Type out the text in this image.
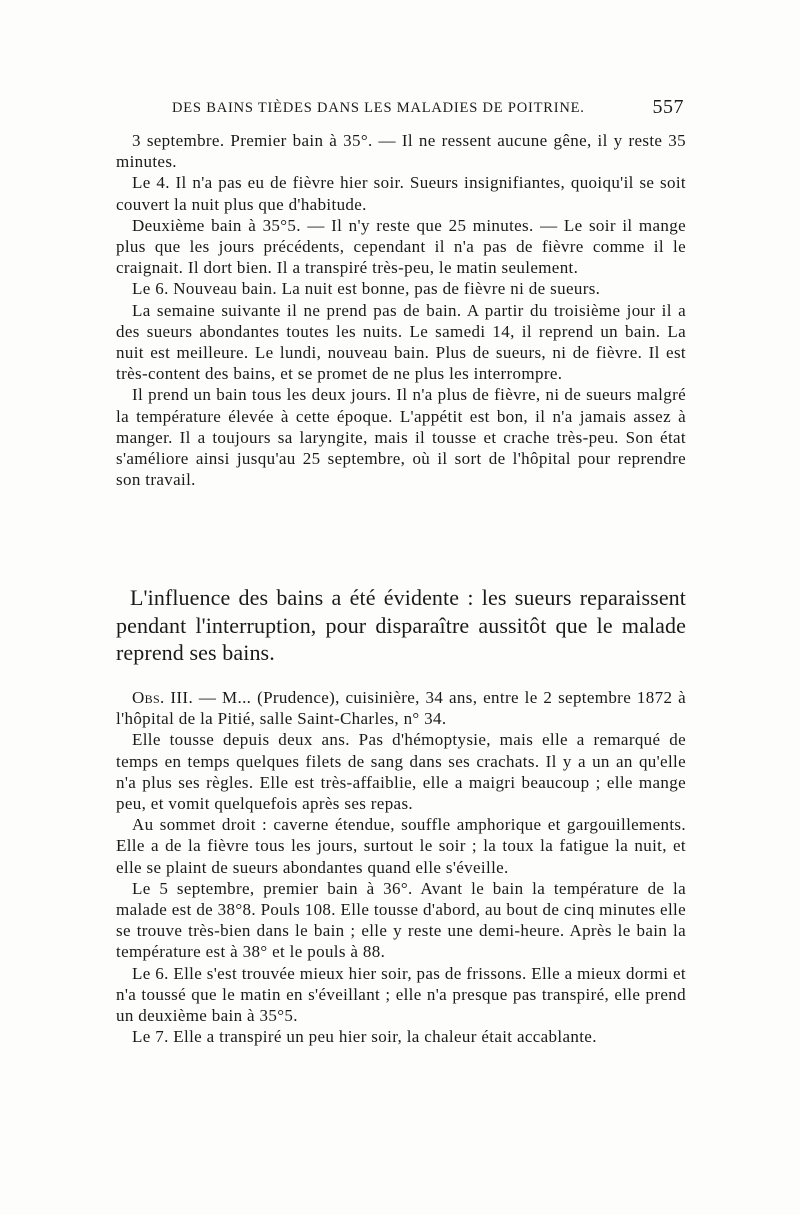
DES BAINS TIÈDES DANS LES MALADIES DE POITRINE.	557

3 septembre. Premier bain à 35°. — Il ne ressent aucune gêne, il y reste 35 minutes.

Le 4. Il n'a pas eu de fièvre hier soir. Sueurs insignifiantes, quoiqu'il se soit couvert la nuit plus que d'habitude.

Deuxième bain à 35°5. — Il n'y reste que 25 minutes. — Le soir il mange plus que les jours précédents, cependant il n'a pas de fièvre comme il le craignait. Il dort bien. Il a transpiré très-peu, le matin seulement.

Le 6. Nouveau bain. La nuit est bonne, pas de fièvre ni de sueurs.

La semaine suivante il ne prend pas de bain. A partir du troisième jour il a des sueurs abondantes toutes les nuits. Le samedi 14, il reprend un bain. La nuit est meilleure. Le lundi, nouveau bain. Plus de sueurs, ni de fièvre. Il est très-content des bains, et se promet de ne plus les interrompre.

Il prend un bain tous les deux jours. Il n'a plus de fièvre, ni de sueurs malgré la température élevée à cette époque. L'appétit est bon, il n'a jamais assez à manger. Il a toujours sa laryngite, mais il tousse et crache très-peu. Son état s'améliore ainsi jusqu'au 25 septembre, où il sort de l'hôpital pour reprendre son travail.

L'influence des bains a été évidente : les sueurs reparaissent pendant l'interruption, pour disparaître aussitôt que le malade reprend ses bains.

Obs. III. — M... (Prudence), cuisinière, 34 ans, entre le 2 septembre 1872 à l'hôpital de la Pitié, salle Saint-Charles, n° 34.

Elle tousse depuis deux ans. Pas d'hémoptysie, mais elle a remarqué de temps en temps quelques filets de sang dans ses crachats. Il y a un an qu'elle n'a plus ses règles. Elle est très-affaiblie, elle a maigri beaucoup ; elle mange peu, et vomit quelquefois après ses repas.

Au sommet droit : caverne étendue, souffle amphorique et gargouillements. Elle a de la fièvre tous les jours, surtout le soir ; la toux la fatigue la nuit, et elle se plaint de sueurs abondantes quand elle s'éveille.

Le 5 septembre, premier bain à 36°. Avant le bain la température de la malade est de 38°8. Pouls 108. Elle tousse d'abord, au bout de cinq minutes elle se trouve très-bien dans le bain ; elle y reste une demi-heure. Après le bain la température est à 38° et le pouls à 88.

Le 6. Elle s'est trouvée mieux hier soir, pas de frissons. Elle a mieux dormi et n'a toussé que le matin en s'éveillant ; elle n'a presque pas transpiré, elle prend un deuxième bain à 35°5.

Le 7. Elle a transpiré un peu hier soir, la chaleur était accablante.
